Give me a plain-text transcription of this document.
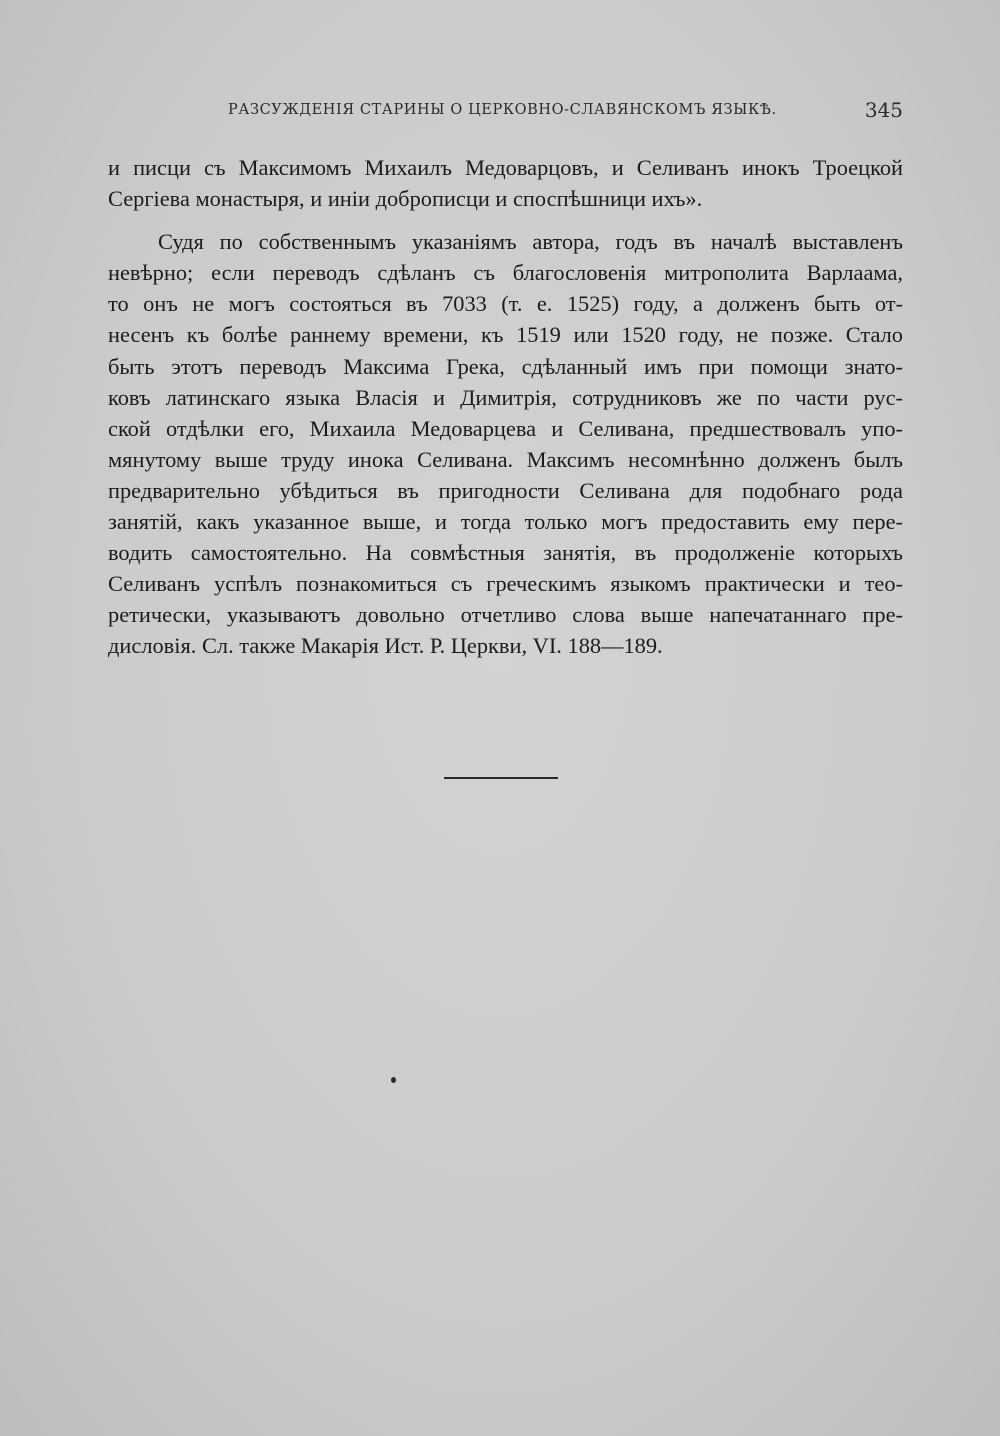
РАЗСУЖДЕНІЯ СТАРИНЫ О ЦЕРКОВНО-СЛАВЯНСКОМЪ ЯЗЫКѢ.	345
и писци съ Максимомъ Михаилъ Медоварцовъ, и Селиванъ инокъ Троецкой
Сергіева монастыря, и иніи доброписци и споспѣшници ихъ».
Судя по собственнымъ указаніямъ автора, годъ въ началѣ выставленъ
невѣрно; если переводъ сдѣланъ съ благословенія митрополита Варлаама,
то онъ не могъ состояться въ 7033 (т. е. 1525) году, а долженъ быть от-
несенъ къ болѣе раннему времени, къ 1519 или 1520 году, не позже. Стало
быть этотъ переводъ Максима Грека, сдѣланный имъ при помощи знато-
ковъ латинскаго языка Власія и Димитрія, сотрудниковъ же по части рус-
ской отдѣлки его, Михаила Медоварцева и Селивана, предшествовалъ упо-
мянутому выше труду инока Селивана. Максимъ несомнѣнно долженъ былъ
предварительно убѣдиться въ пригодности Селивана для подобнаго рода
занятій, какъ указанное выше, и тогда только могъ предоставить ему пере-
водить самостоятельно. На совмѣстныя занятія, въ продолженіе которыхъ
Селиванъ успѣлъ познакомиться съ греческимъ языкомъ практически и тео-
ретически, указываютъ довольно отчетливо слова выше напечатаннаго пре-
дисловія. Сл. также Макарія Ист. Р. Церкви, VI. 188—189.
